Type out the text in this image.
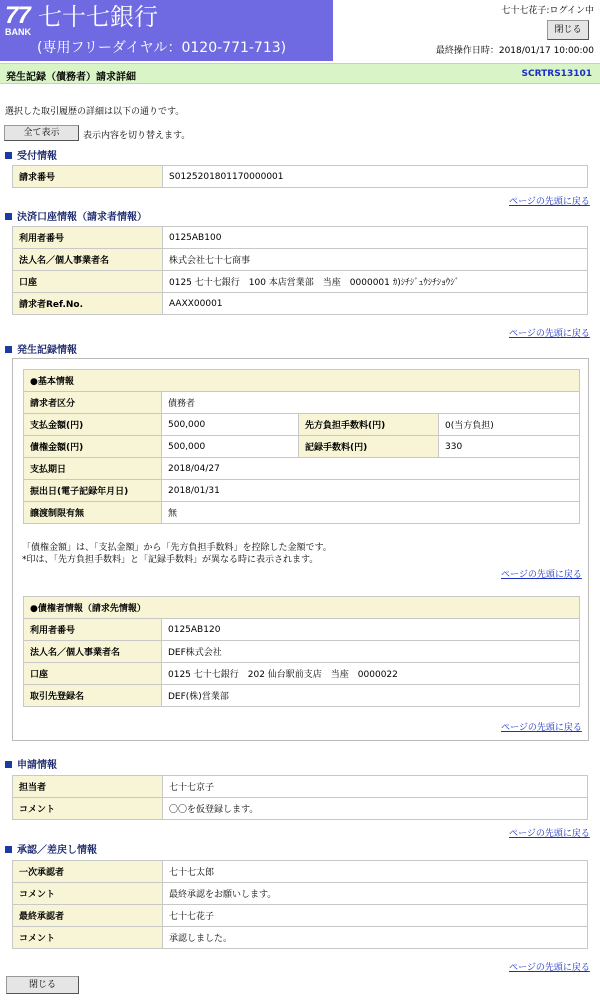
77
BANK
七十七銀行
(専用フリーダイヤル：0120-771-713)
七十七花子:ログイン中
閉じる
最終操作日時：2018/01/17 10:00:00
発生記録（債務者）請求詳細	SCRTRS13101
選択した取引履歴の詳細は以下の通りです。
全て表示	表示内容を切り替えます。
受付情報
請求番号	S0125201801170000001
ページの先頭に戻る
決済口座情報（請求者情報）
利用者番号	0125AB100
法人名／個人事業者名	株式会社七十七商事
口座	0125 七十七銀行　100 本店営業部　当座　0000001 ｶ)ｼﾁｼﾞｭｳｼﾁｼｮｳｼﾞ
請求者Ref.No.	AAXX00001
ページの先頭に戻る
発生記録情報
●基本情報			
請求者区分	債務者		
支払金額(円)	500,000	先方負担手数料(円)	0(当方負担)
債権金額(円)	500,000	記録手数料(円)	330
支払期日	2018/04/27		
振出日(電子記録年月日)	2018/01/31		
譲渡制限有無	無		
「債権金額」は、「支払金額」から「先方負担手数料」を控除した金額です。
*印は、「先方負担手数料」と「記録手数料」が異なる時に表示されます。
ページの先頭に戻る
●債権者情報（請求先情報）	
利用者番号	0125AB120
法人名／個人事業者名	DEF株式会社
口座	0125 七十七銀行　202 仙台駅前支店　当座　0000022
取引先登録名	DEF(株)営業部
ページの先頭に戻る
申請情報
担当者	七十七京子
コメント	〇〇を仮登録します。
ページの先頭に戻る
承認／差戻し情報
一次承認者	七十七太郎
コメント	最終承認をお願いします。
最終承認者	七十七花子
コメント	承認しました。
ページの先頭に戻る
閉じる
